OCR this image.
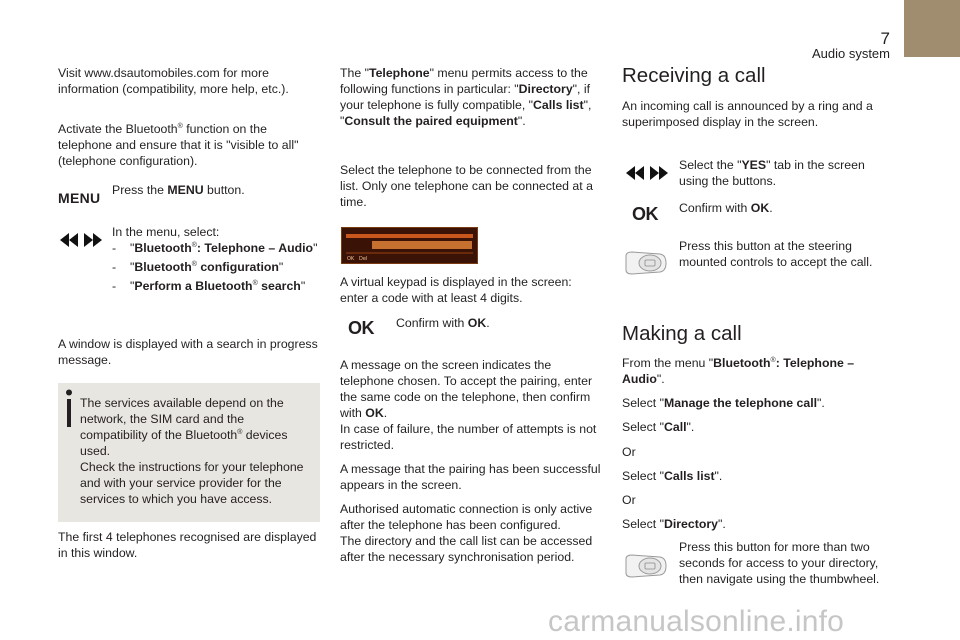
7
Audio system

Visit www.dsautomobiles.com for more information (compatibility, more help, etc.).

Activate the Bluetooth® function on the telephone and ensure that it is "visible to all" (telephone configuration).

MENU Press the MENU button.

In the menu, select:

- "Bluetooth®: Telephone – Audio"
- "Bluetooth® configuration"
- "Perform a Bluetooth® search"

A window is displayed with a search in progress message.

The services available depend on the network, the SIM card and the compatibility of the Bluetooth® devices used.

Check the instructions for your telephone and with your service provider for the services to which you have access.

The first 4 telephones recognised are displayed in this window.

The "Telephone" menu permits access to the following functions in particular: "Directory", if your telephone is fully compatible, "Calls list", "Consult the paired equipment".

Select the telephone to be connected from the list. Only one telephone can be connected at a time.

OK Del

A virtual keypad is displayed in the screen: enter a code with at least 4 digits.

OK Confirm with OK.

A message on the screen indicates the telephone chosen. To accept the pairing, enter the same code on the telephone, then confirm with OK.

In case of failure, the number of attempts is not restricted.

A message that the pairing has been successful appears in the screen.

Authorised automatic connection is only active after the telephone has been configured.

The directory and the call list can be accessed after the necessary synchronisation period.

Receiving a call

An incoming call is announced by a ring and a superimposed display in the screen.

Select the "YES" tab in the screen using the buttons.

OK Confirm with OK.

Press this button at the steering mounted controls to accept the call.

Making a call

From the menu "Bluetooth®: Telephone – Audio".

Select "Manage the telephone call".

Select "Call".

Or

Select "Calls list".

Or

Select "Directory".

Press this button for more than two seconds for access to your directory, then navigate using the thumbwheel.

carmanualsonline.info
